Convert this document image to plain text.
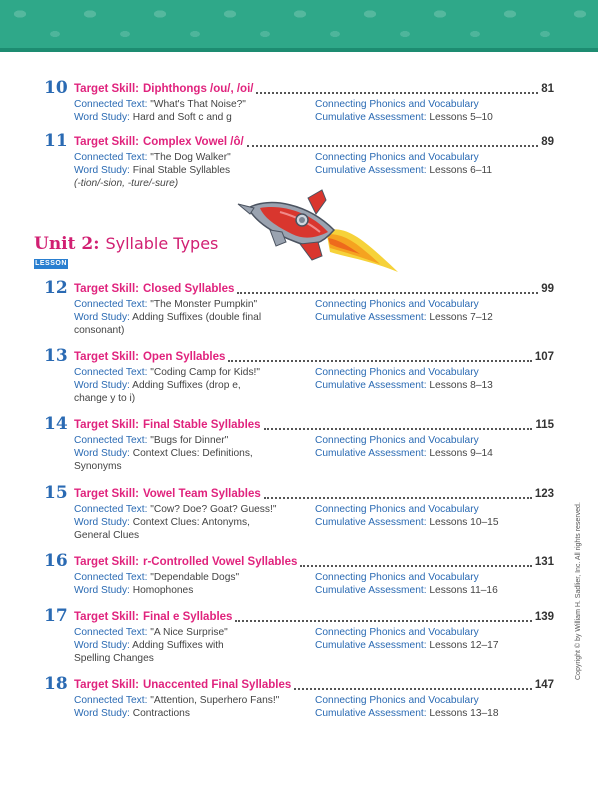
10 Target Skill: Diphthongs /ou/, /oi/	81
Connected Text: "What's That Noise?"
Word Study: Hard and Soft c and g
Connecting Phonics and Vocabulary
Cumulative Assessment: Lessons 5–10
11 Target Skill: Complex Vowel /ô/	89
Connected Text: "The Dog Walker"
Word Study: Final Stable Syllables
(-tion/-sion, -ture/-sure)
Connecting Phonics and Vocabulary
Cumulative Assessment: Lessons 6–11
Unit 2: Syllable Types
LESSON
12 Target Skill: Closed Syllables	99
Connected Text: "The Monster Pumpkin"
Word Study: Adding Suffixes (double final
consonant)
Connecting Phonics and Vocabulary
Cumulative Assessment: Lessons 7–12
13 Target Skill: Open Syllables	107
Connected Text: "Coding Camp for Kids!"
Word Study: Adding Suffixes (drop e,
change y to i)
Connecting Phonics and Vocabulary
Cumulative Assessment: Lessons 8–13
14 Target Skill: Final Stable Syllables	115
Connected Text: "Bugs for Dinner"
Word Study: Context Clues: Definitions,
Synonyms
Connecting Phonics and Vocabulary
Cumulative Assessment: Lessons 9–14
15 Target Skill: Vowel Team Syllables	123
Connected Text: "Cow? Doe? Goat? Guess!"
Word Study: Context Clues: Antonyms,
General Clues
Connecting Phonics and Vocabulary
Cumulative Assessment: Lessons 10–15
16 Target Skill: r-Controlled Vowel Syllables	131
Connected Text: "Dependable Dogs"
Word Study: Homophones
Connecting Phonics and Vocabulary
Cumulative Assessment: Lessons 11–16
17 Target Skill: Final e Syllables	139
Connected Text: "A Nice Surprise"
Word Study: Adding Suffixes with
Spelling Changes
Connecting Phonics and Vocabulary
Cumulative Assessment: Lessons 12–17
18 Target Skill: Unaccented Final Syllables	147
Connected Text: "Attention, Superhero Fans!"
Word Study: Contractions
Connecting Phonics and Vocabulary
Cumulative Assessment: Lessons 13–18
Copyright © by William H. Sadlier, Inc. All rights reserved.
